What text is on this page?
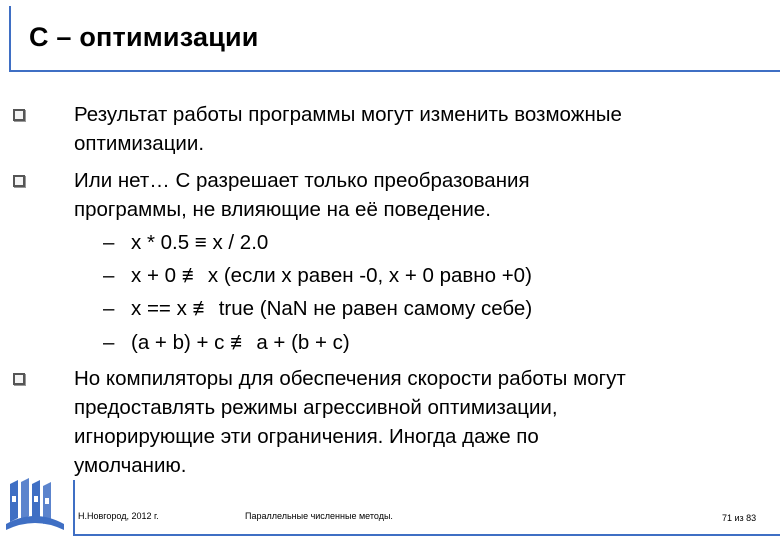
C – оптимизации
Результат работы программы могут изменить возможные
оптимизации.
Или нет… С разрешает только преобразования
программы, не влияющие на её поведение.
– x * 0.5 ≡ x / 2.0
– x + 0 ≢ x (если x равен -0, x + 0 равно +0)
– x == x ≢ true (NaN не равен самому себе)
– (a + b) + c ≢ a + (b + c)
Но компиляторы для обеспечения скорости работы могут
предоставлять режимы агрессивной оптимизации,
игнорирующие эти ограничения. Иногда даже по
умолчанию.
Н.Новгород, 2012 г.	Параллельные численные методы.	71 из 83
